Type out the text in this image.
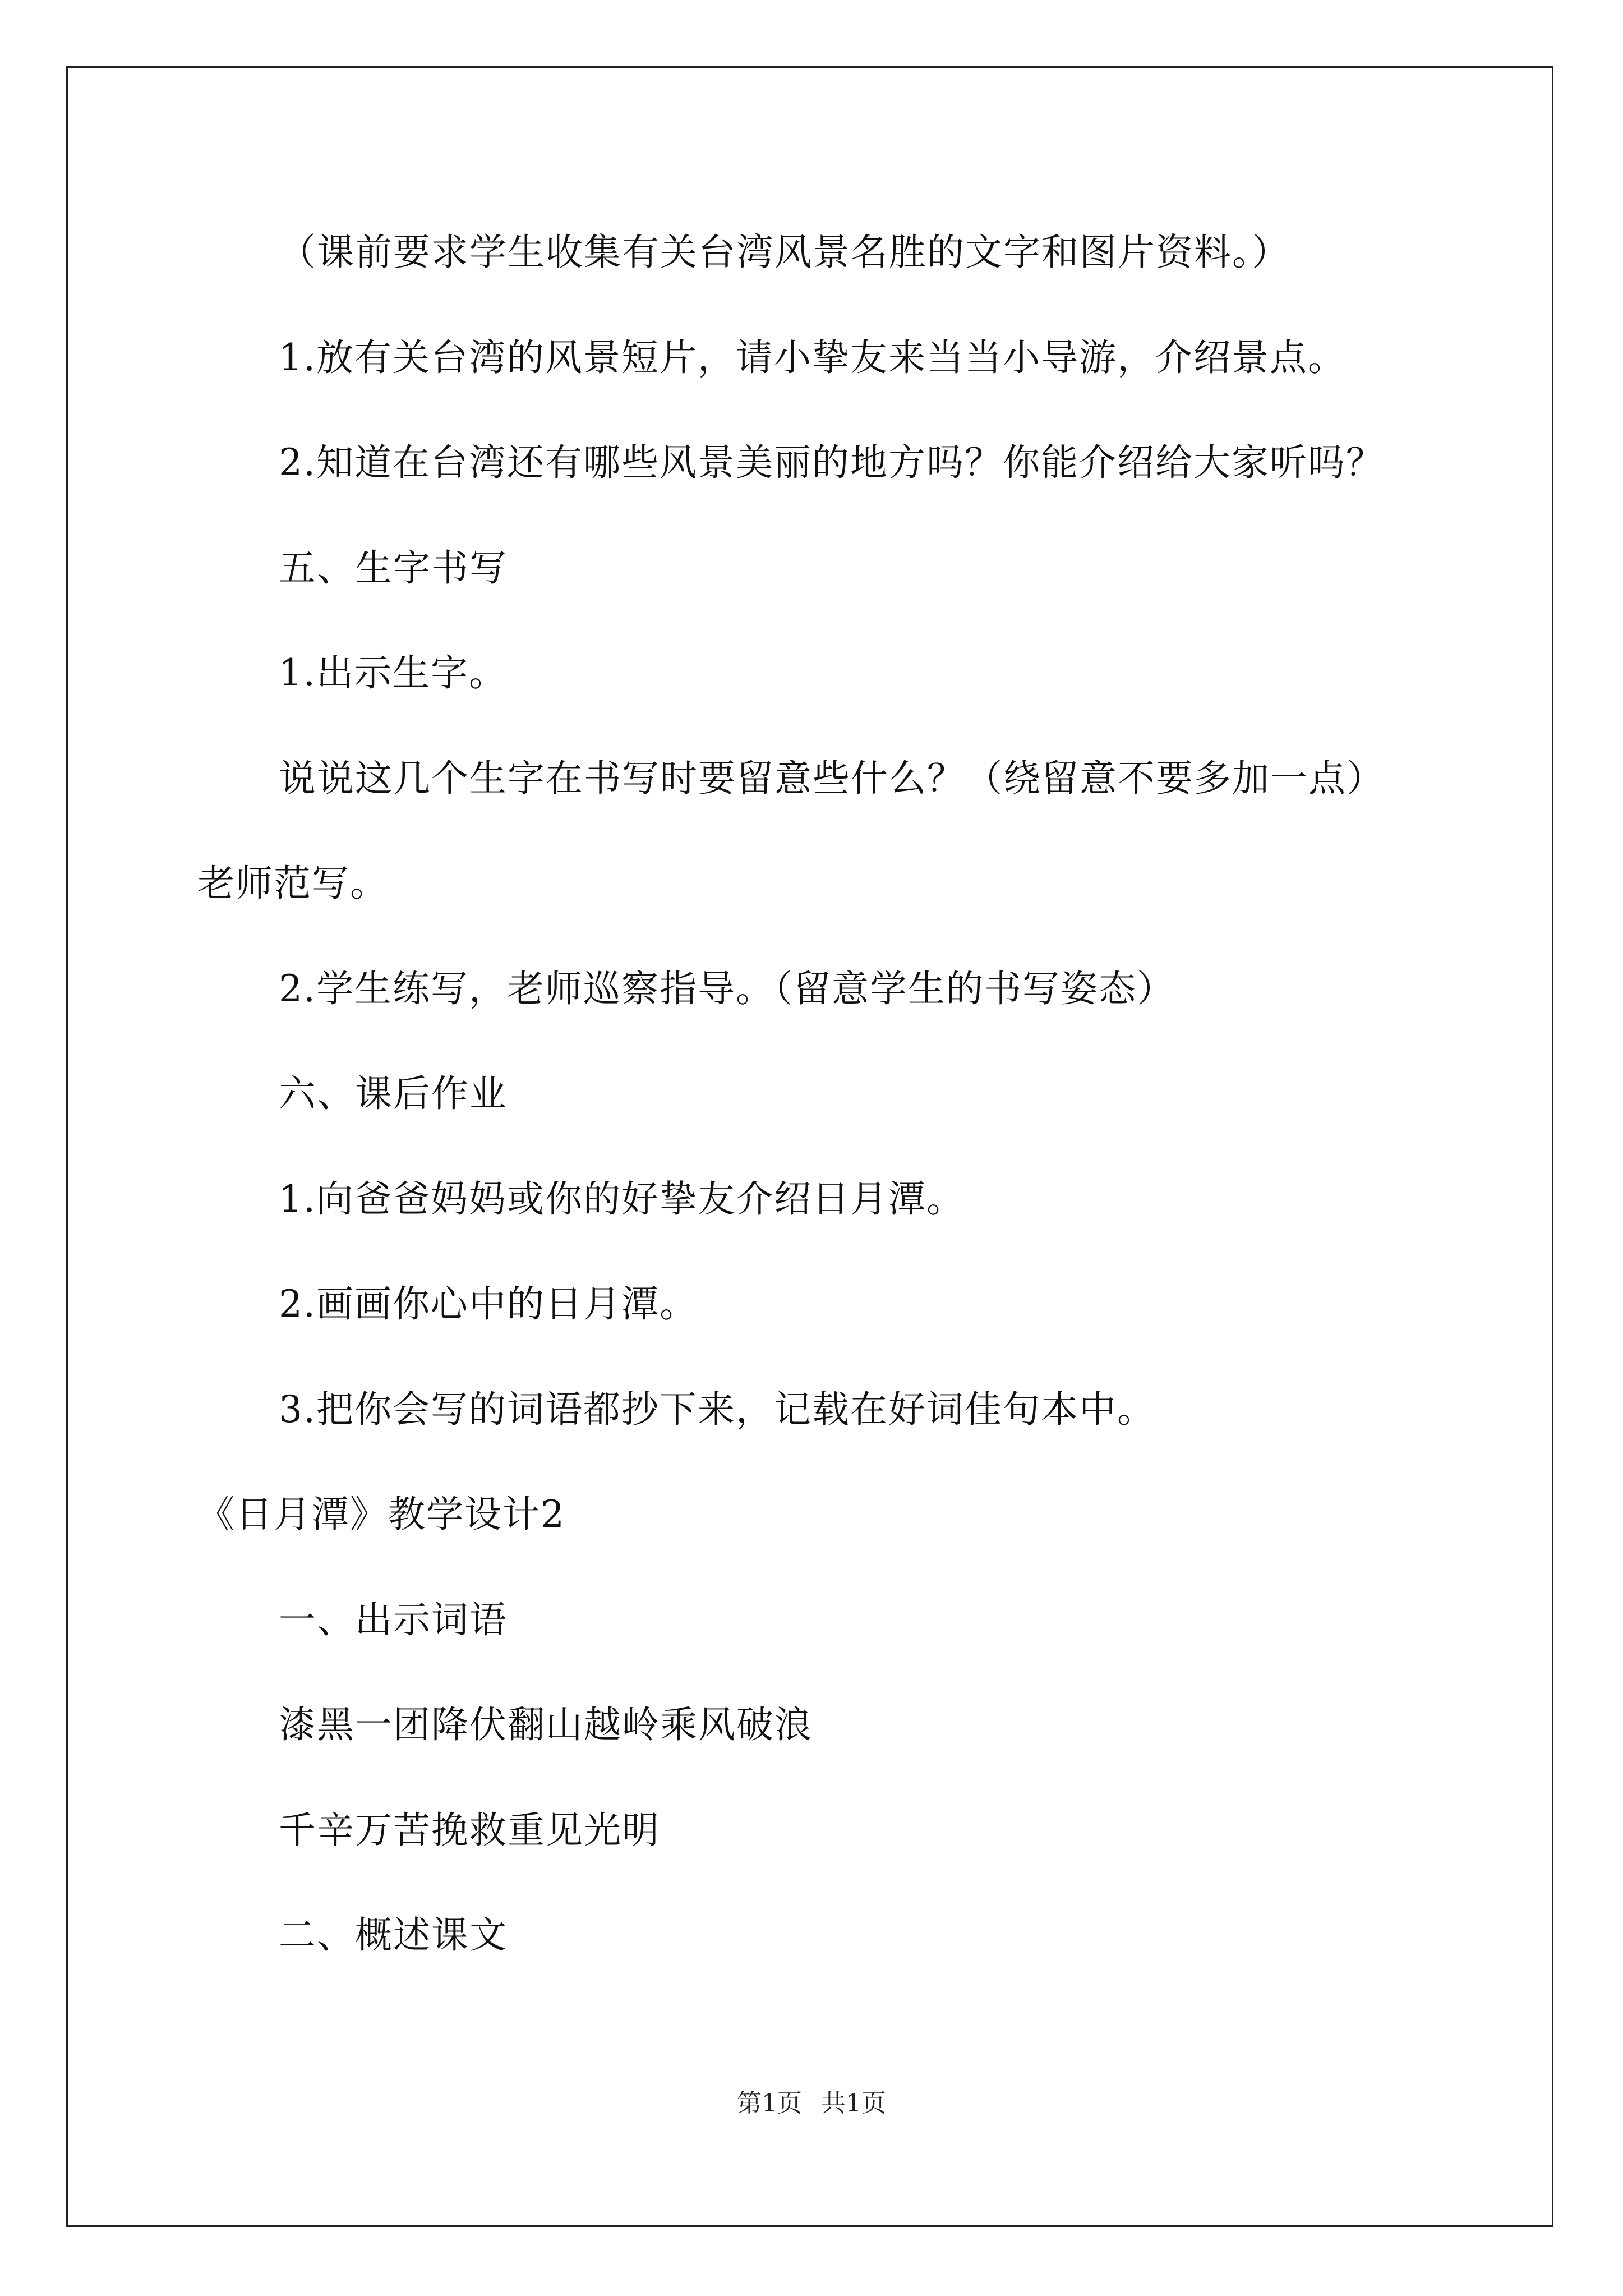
（课前要求学生收集有关台湾风景名胜的文字和图片资料。）
1.放有关台湾的风景短片，请小挚友来当当小导游，介绍景点。
2.知道在台湾还有哪些风景美丽的地方吗？你能介绍给大家听吗？
五、生字书写
1.出示生字。
说说这几个生字在书写时要留意些什么？（绕留意不要多加一点）
老师范写。
2.学生练写，老师巡察指导。（留意学生的书写姿态）
六、课后作业
1.向爸爸妈妈或你的好挚友介绍日月潭。
2.画画你心中的日月潭。
3.把你会写的词语都抄下来，记载在好词佳句本中。
《日月潭》教学设计2
一、出示词语
漆黑一团降伏翻山越岭乘风破浪
千辛万苦挽救重见光明
二、概述课文
第1页 共1页
